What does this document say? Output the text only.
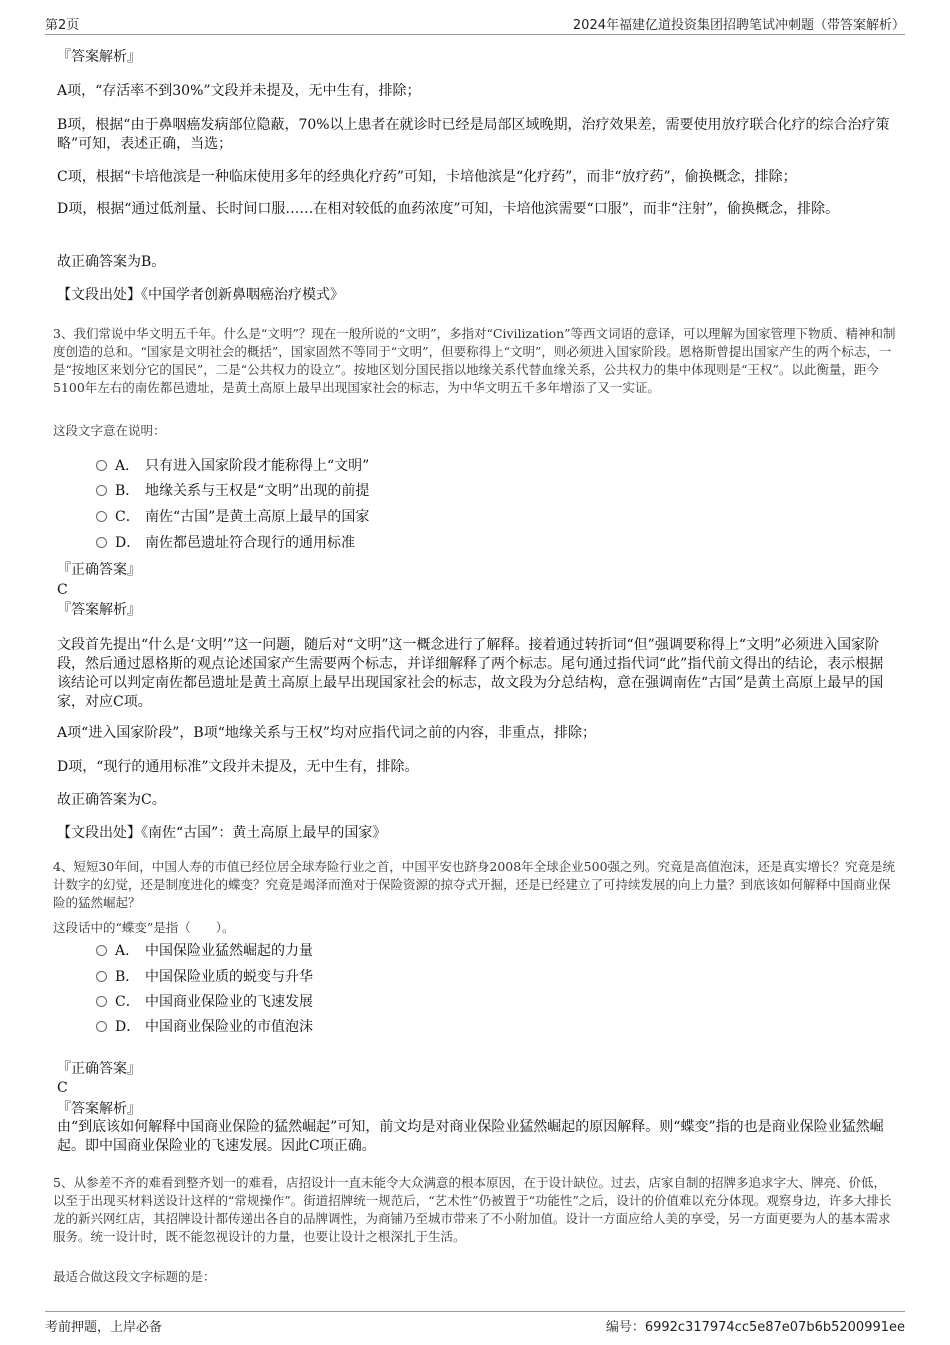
第2页	2024年福建亿道投资集团招聘笔试冲刺题（带答案解析）
『答案解析』
A项，“存活率不到30%”文段并未提及，无中生有，排除；
B项，根据“由于鼻咽癌发病部位隐蔽，70%以上患者在就诊时已经是局部区域晚期，治疗效果差，需要使用放疗联合化疗的综合治疗策略”可知，表述正确，当选；
C项，根据“卡培他滨是一种临床使用多年的经典化疗药”可知，卡培他滨是“化疗药”，而非“放疗药”，偷换概念，排除；
D项，根据“通过低剂量、长时间口服……在相对较低的血药浓度”可知，卡培他滨需要“口服”，而非“注射”，偷换概念，排除。
故正确答案为B。
【文段出处】《中国学者创新鼻咽癌治疗模式》
3、我们常说中华文明五千年。什么是“文明”？现在一般所说的“文明”，多指对“Civilization”等西文词语的意译，可以理解为国家管理下物质、精神和制度创造的总和。“国家是文明社会的概括”，国家固然不等同于“文明”，但要称得上“文明”，则必须进入国家阶段。恩格斯曾提出国家产生的两个标志，一是“按地区来划分它的国民”，二是“公共权力的设立”。按地区划分国民指以地缘关系代替血缘关系，公共权力的集中体现则是“王权”。以此衡量，距今5100年左右的南佐都邑遗址，是黄土高原上最早出现国家社会的标志，为中华文明五千多年增添了又一实证。
这段文字意在说明：
A． 只有进入国家阶段才能称得上“文明”
B． 地缘关系与王权是“文明”出现的前提
C． 南佐“古国”是黄土高原上最早的国家
D． 南佐都邑遗址符合现行的通用标准
『正确答案』
C
『答案解析』
文段首先提出“什么是‘文明’”这一问题，随后对“文明”这一概念进行了解释。接着通过转折词“但”强调要称得上“文明”必须进入国家阶段，然后通过恩格斯的观点论述国家产生需要两个标志，并详细解释了两个标志。尾句通过指代词“此”指代前文得出的结论，表示根据该结论可以判定南佐都邑遗址是黄土高原上最早出现国家社会的标志，故文段为分总结构，意在强调南佐“古国”是黄土高原上最早的国家，对应C项。
A项“进入国家阶段”，B项“地缘关系与王权”均对应指代词之前的内容，非重点，排除；
D项，“现行的通用标准”文段并未提及，无中生有，排除。
故正确答案为C。
【文段出处】《南佐“古国”：黄土高原上最早的国家》
4、短短30年间，中国人寿的市值已经位居全球寿险行业之首，中国平安也跻身2008年全球企业500强之列。究竟是高值泡沫，还是真实增长？究竟是统计数字的幻觉，还是制度进化的蝶变？究竟是竭泽而渔对于保险资源的掠夺式开掘，还是已经建立了可持续发展的向上力量？到底该如何解释中国商业保险的猛然崛起？
这段话中的“蝶变”是指（　　）。
A． 中国保险业猛然崛起的力量
B． 中国保险业质的蜕变与升华
C． 中国商业保险业的飞速发展
D． 中国商业保险业的市值泡沫
『正确答案』
C
『答案解析』
由“到底该如何解释中国商业保险的猛然崛起”可知，前文均是对商业保险业猛然崛起的原因解释。则“蝶变”指的也是商业保险业猛然崛起。即中国商业保险业的飞速发展。因此C项正确。
5、从参差不齐的难看到整齐划一的难看，店招设计一直未能令大众满意的根本原因，在于设计缺位。过去，店家自制的招牌多追求字大、牌亮、价低，以至于出现买材料送设计这样的“常规操作”。街道招牌统一规范后，“艺术性”仍被置于“功能性”之后，设计的价值难以充分体现。观察身边，许多大排长龙的新兴网红店，其招牌设计都传递出各自的品牌调性，为商铺乃至城市带来了不小附加值。设计一方面应给人美的享受，另一方面更要为人的基本需求服务。统一设计时，既不能忽视设计的力量，也要让设计之根深扎于生活。
最适合做这段文字标题的是：
考前押题，上岸必备	编号：6992c317974cc5e87e07b6b5200991ee
